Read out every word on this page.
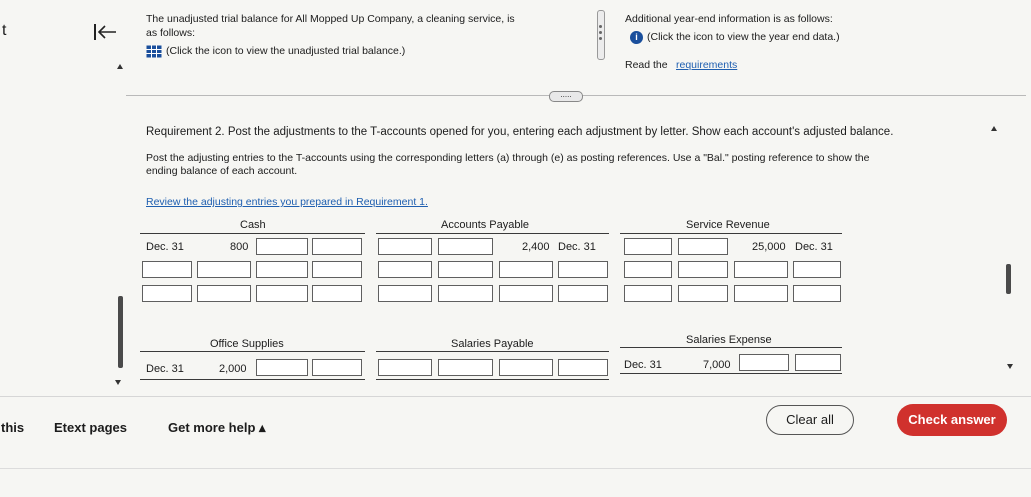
t
The unadjusted trial balance for All Mopped Up Company, a cleaning service, is
as follows:
(Click the icon to view the unadjusted trial balance.)
Additional year-end information is as follows:
i (Click the icon to view the year end data.)
Read the requirements
.....
Requirement 2. Post the adjustments to the T-accounts opened for you, entering each adjustment by letter. Show each account's adjusted balance.
Post the adjusting entries to the T-accounts using the corresponding letters (a) through (e) as posting references. Use a "Bal." posting reference to show the
ending balance of each account.
Review the adjusting entries you prepared in Requirement 1.
Cash
Dec. 31	800
Accounts Payable
2,400 Dec. 31
Service Revenue
25,000 Dec. 31
Office Supplies
Dec. 31	2,000
Salaries Payable	Salaries Expense
Dec. 31	7,000
this Etext pages	Get more help ▴
Clear all	Check answer
